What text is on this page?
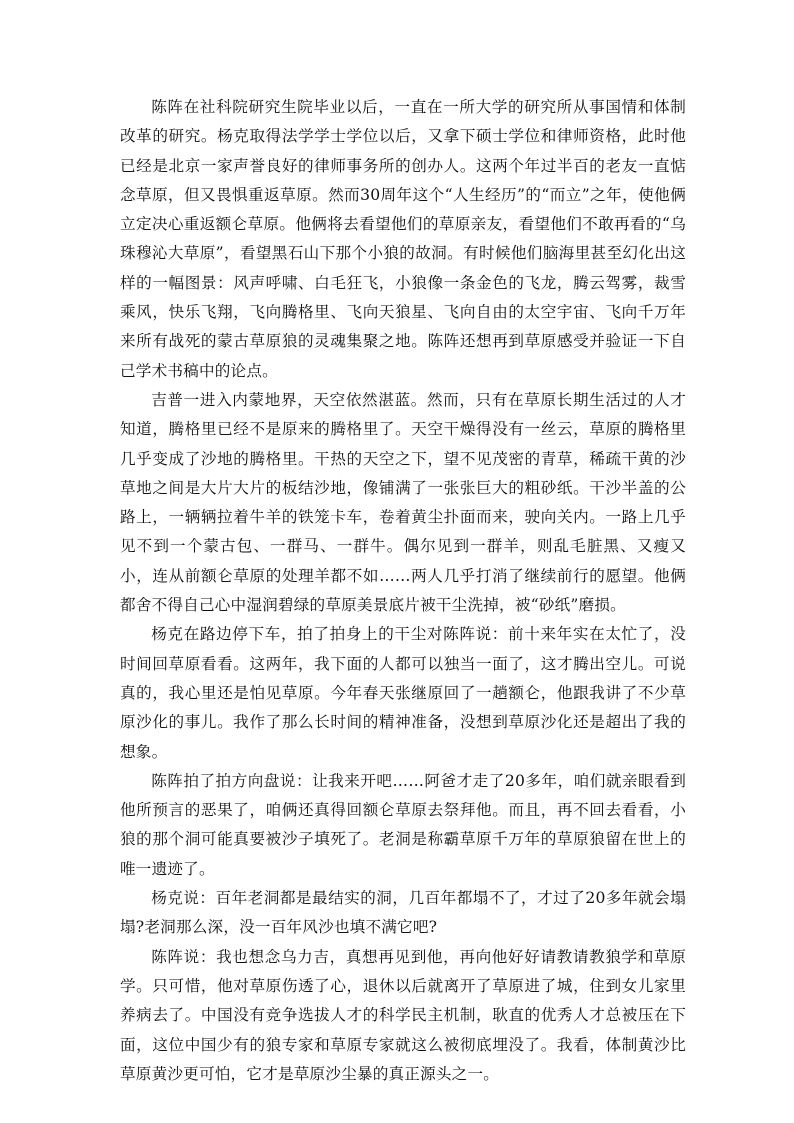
陈阵在社科院研究生院毕业以后，一直在一所大学的研究所从事国情和体制改革的研究。杨克取得法学学士学位以后，又拿下硕士学位和律师资格，此时他已经是北京一家声誉良好的律师事务所的创办人。这两个年过半百的老友一直惦念草原，但又畏惧重返草原。然而30周年这个“人生经历”的“而立”之年，使他俩立定决心重返额仑草原。他俩将去看望他们的草原亲友，看望他们不敢再看的“乌珠穆沁大草原”，看望黑石山下那个小狼的故洞。有时候他们脑海里甚至幻化出这样的一幅图景：风声呼啸、白毛狂飞，小狼像一条金色的飞龙，腾云驾雾，裁雪乘风，快乐飞翔，飞向腾格里、飞向天狼星、飞向自由的太空宇宙、飞向千万年来所有战死的蒙古草原狼的灵魂集聚之地。陈阵还想再到草原感受并验证一下自己学术书稿中的论点。

吉普一进入内蒙地界，天空依然湛蓝。然而，只有在草原长期生活过的人才知道，腾格里已经不是原来的腾格里了。天空干燥得没有一丝云，草原的腾格里几乎变成了沙地的腾格里。干热的天空之下，望不见茂密的青草，稀疏干黄的沙草地之间是大片大片的板结沙地，像铺满了一张张巨大的粗砂纸。干沙半盖的公路上，一辆辆拉着牛羊的铁笼卡车，卷着黄尘扑面而来，驶向关内。一路上几乎见不到一个蒙古包、一群马、一群牛。偶尔见到一群羊，则乱毛脏黑、又瘦又小，连从前额仑草原的处理羊都不如……两人几乎打消了继续前行的愿望。他俩都舍不得自己心中湿润碧绿的草原美景底片被干尘洗掉，被“砂纸”磨损。

杨克在路边停下车，拍了拍身上的干尘对陈阵说：前十来年实在太忙了，没时间回草原看看。这两年，我下面的人都可以独当一面了，这才腾出空儿。可说真的，我心里还是怕见草原。今年春天张继原回了一趟额仑，他跟我讲了不少草原沙化的事儿。我作了那么长时间的精神准备，没想到草原沙化还是超出了我的想象。

陈阵拍了拍方向盘说：让我来开吧……阿爸才走了20多年，咱们就亲眼看到他所预言的恶果了，咱俩还真得回额仑草原去祭拜他。而且，再不回去看看，小狼的那个洞可能真要被沙子填死了。老洞是称霸草原千万年的草原狼留在世上的唯一遗迹了。

杨克说：百年老洞都是最结实的洞，几百年都塌不了，才过了20多年就会塌塌?老洞那么深，没一百年风沙也填不满它吧?

陈阵说：我也想念乌力吉，真想再见到他，再向他好好请教请教狼学和草原学。只可惜，他对草原伤透了心，退休以后就离开了草原进了城，住到女儿家里养病去了。中国没有竞争选拔人才的科学民主机制，耿直的优秀人才总被压在下面，这位中国少有的狼专家和草原专家就这么被彻底埋没了。我看，体制黄沙比草原黄沙更可怕，它才是草原沙尘暴的真正源头之一。
